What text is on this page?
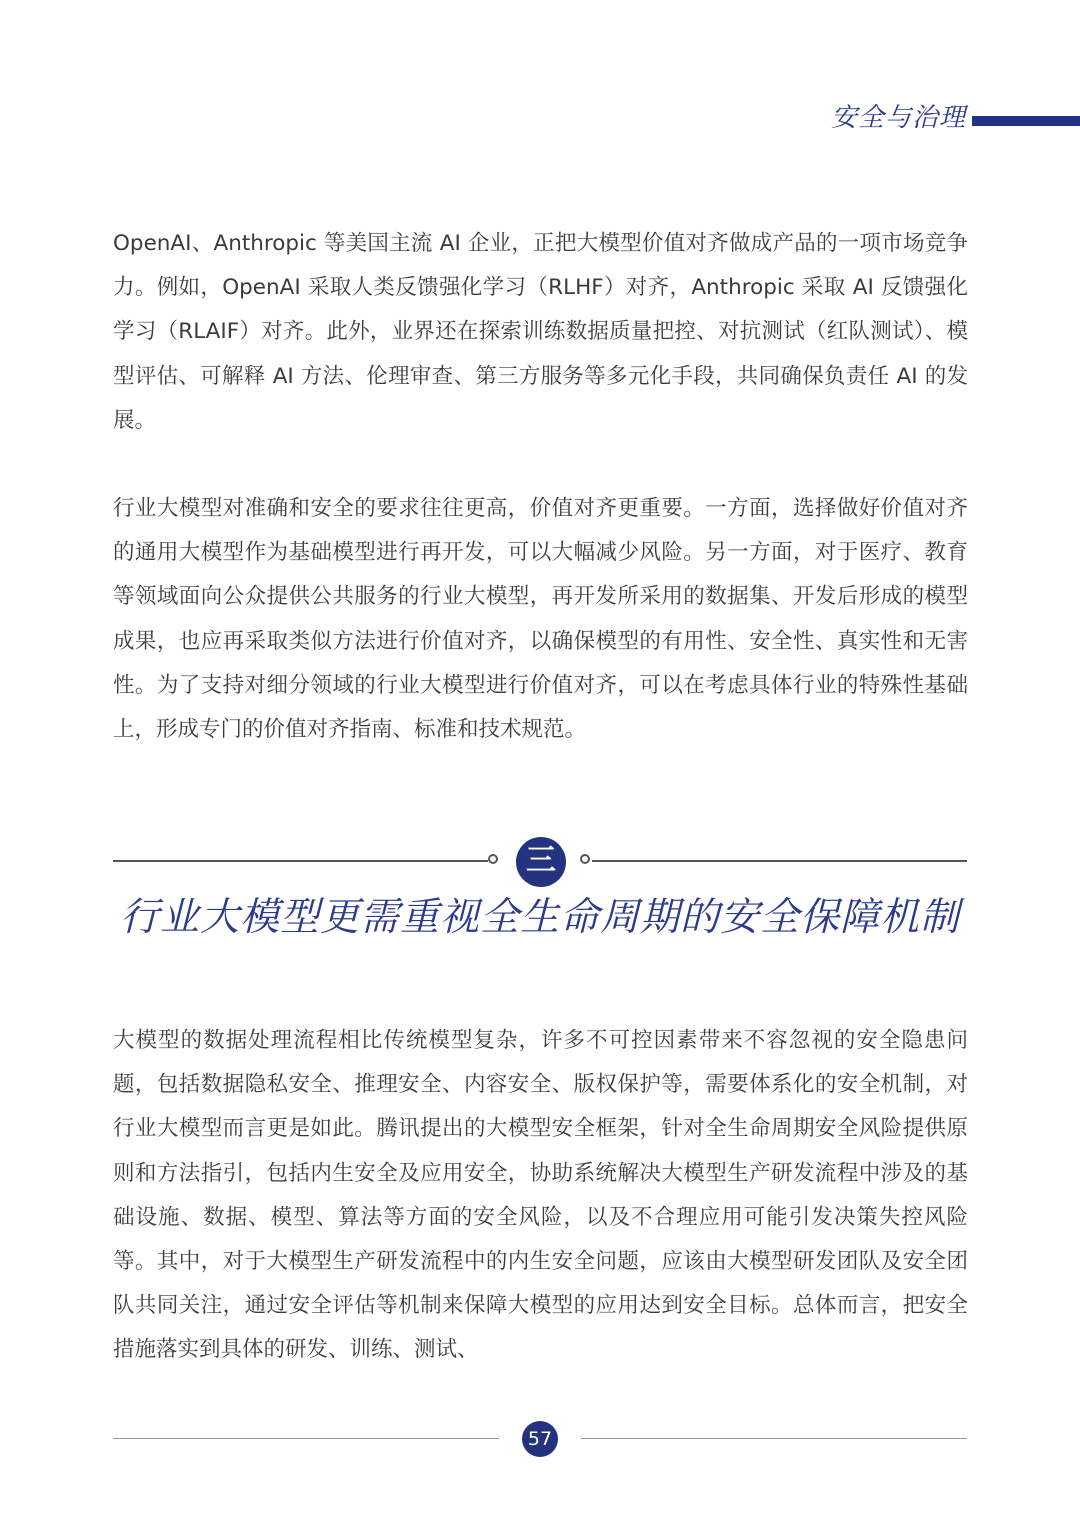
安全与治理

OpenAI、Anthropic 等美国主流 AI 企业，正把大模型价值对齐做成产品的一项市场竞争力。例如，OpenAI 采取人类反馈强化学习（RLHF）对齐，Anthropic 采取 AI 反馈强化学习（RLAIF）对齐。此外，业界还在探索训练数据质量把控、对抗测试（红队测试）、模型评估、可解释 AI 方法、伦理审查、第三方服务等多元化手段，共同确保负责任 AI 的发展。

行业大模型对准确和安全的要求往往更高，价值对齐更重要。一方面，选择做好价值对齐的通用大模型作为基础模型进行再开发，可以大幅减少风险。另一方面，对于医疗、教育等领域面向公众提供公共服务的行业大模型，再开发所采用的数据集、开发后形成的模型成果，也应再采取类似方法进行价值对齐，以确保模型的有用性、安全性、真实性和无害性。为了支持对细分领域的行业大模型进行价值对齐，可以在考虑具体行业的特殊性基础上，形成专门的价值对齐指南、标准和技术规范。

三
行业大模型更需重视全生命周期的安全保障机制

大模型的数据处理流程相比传统模型复杂，许多不可控因素带来不容忽视的安全隐患问题，包括数据隐私安全、推理安全、内容安全、版权保护等，需要体系化的安全机制，对行业大模型而言更是如此。腾讯提出的大模型安全框架，针对全生命周期安全风险提供原则和方法指引，包括内生安全及应用安全，协助系统解决大模型生产研发流程中涉及的基础设施、数据、模型、算法等方面的安全风险，以及不合理应用可能引发决策失控风险等。其中，对于大模型生产研发流程中的内生安全问题，应该由大模型研发团队及安全团队共同关注，通过安全评估等机制来保障大模型的应用达到安全目标。总体而言，把安全措施落实到具体的研发、训练、测试、

57
